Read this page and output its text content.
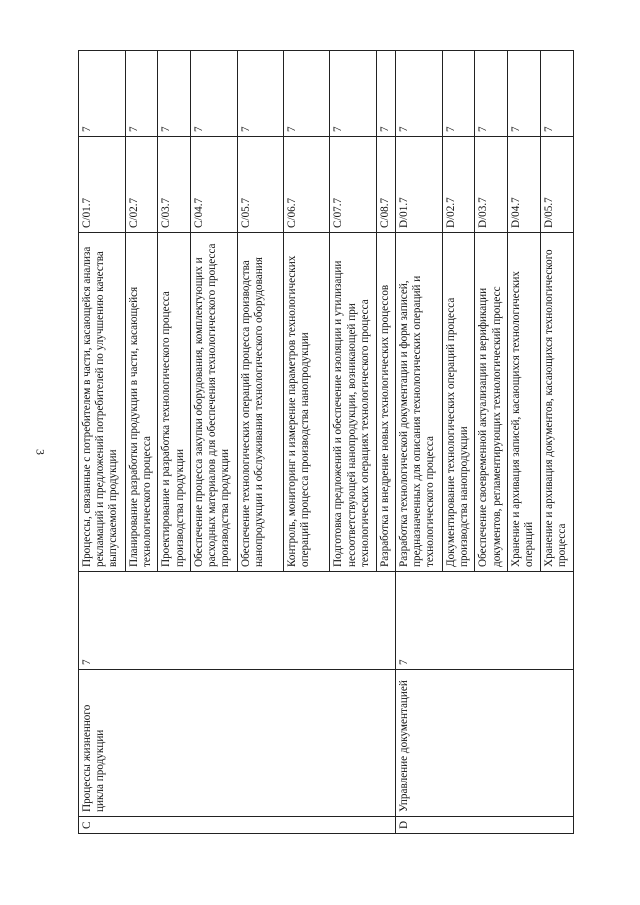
3
C	Процессы жизненного цикла продукции	7	Процессы, связанные с потребителем в части, касающейся анализа рекламаций и предложений потребителей по улучшению качества выпускаемой продукции	C/01.7	7
			Планирование разработки продукции в части, касающейся технологического процесса	C/02.7	7
			Проектирование и разработка технологического процесса производства продукции	C/03.7	7
			Обеспечение процесса закупки оборудования, комплектующих и расходных материалов для обеспечения технологического процесса производства продукции	C/04.7	7
			Обеспечение технологических операций процесса производства нанопродукции и обслуживания технологического оборудования	C/05.7	7
			Контроль, мониторинг и измерение параметров технологических операций процесса производства нанопродукции	C/06.7	7
			Подготовка предложений и обеспечение изоляции и утилизации несоответствующей нанопродукции, возникающей при технологических операциях технологического процесса	C/07.7	7
			Разработка и внедрение новых технологических процессов	C/08.7	7
D	Управление документацией	7	Разработка технологической документации и форм записей, предназначенных для описания технологических операций и технологического процесса	D/01.7	7
			Документирование технологических операций процесса производства нанопродукции	D/02.7	7
			Обеспечение своевременной актуализации и верификации документов, регламентирующих технологический процесс	D/03.7	7
			Хранение и архивация записей, касающихся технологических операций	D/04.7	7
			Хранение и архивация документов, касающихся технологического процесса	D/05.7	7
